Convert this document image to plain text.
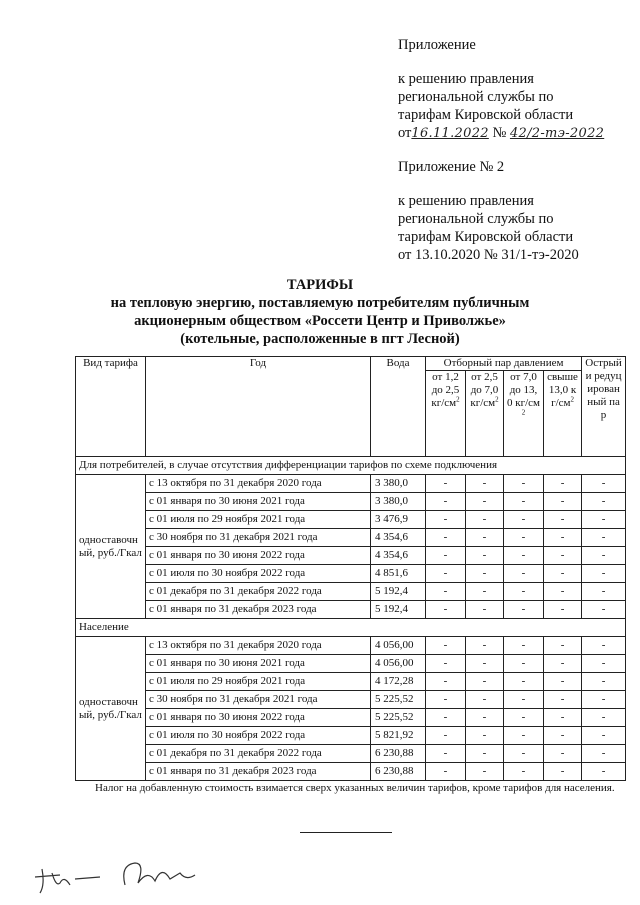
Приложение
к решению правления
региональной службы по
тарифам Кировской области
от16.11.2022 № 42/2-тэ-2022
Приложение № 2
к решению правления
региональной службы по
тарифам Кировской области
от 13.10.2020 № 31/1-тэ-2020
ТАРИФЫ
на тепловую энергию, поставляемую потребителям публичным
акционерным обществом «Россети Центр и Приволжье»
(котельные, расположенные в пгт Лесной)
Вид тарифа	Год	Вода	Отборный пар давлением				Острый и редуцированный пар
			от 1,2 до 2,5 $кг/см^2$	от 2,5 до 7,0 $кг/см^2$	от 7,0 до 13,0 $кг/см^2$	свыше 13,0 $кг/см^2$
Для потребителей, в случае отсутствия дифференциации тарифов по схеме подключения							
одноставочный, руб./Гкал	с 13 октября по 31 декабря 2020 года	3 380,0	-	-	-	-	-
	с 01 января по 30 июня 2021 года	3 380,0	-	-	-	-	-
	с 01 июля по 29 ноября 2021 года	3 476,9	-	-	-	-	-
	с 30 ноября по 31 декабря 2021 года	4 354,6	-	-	-	-	-
	с 01 января по 30 июня 2022 года	4 354,6	-	-	-	-	-
	с 01 июля по 30 ноября 2022 года	4 851,6	-	-	-	-	-
	с 01 декабря по 31 декабря 2022 года	5 192,4	-	-	-	-	-
	с 01 января по 31 декабря 2023 года	5 192,4	-	-	-	-	-
Население							
одноставочный, руб./Гкал	с 13 октября по 31 декабря 2020 года	4 056,00	-	-	-	-	-
	с 01 января по 30 июня 2021 года	4 056,00	-	-	-	-	-
	с 01 июля по 29 ноября 2021 года	4 172,28	-	-	-	-	-
	с 30 ноября по 31 декабря 2021 года	5 225,52	-	-	-	-	-
	с 01 января по 30 июня 2022 года	5 225,52	-	-	-	-	-
	с 01 июля по 30 ноября 2022 года	5 821,92	-	-	-	-	-
	с 01 декабря по 31 декабря 2022 года	6 230,88	-	-	-	-	-
	с 01 января по 31 декабря 2023 года	6 230,88	-	-	-	-	-
Налог на добавленную стоимость взимается сверх указанных величин тарифов, кроме тарифов для населения.
